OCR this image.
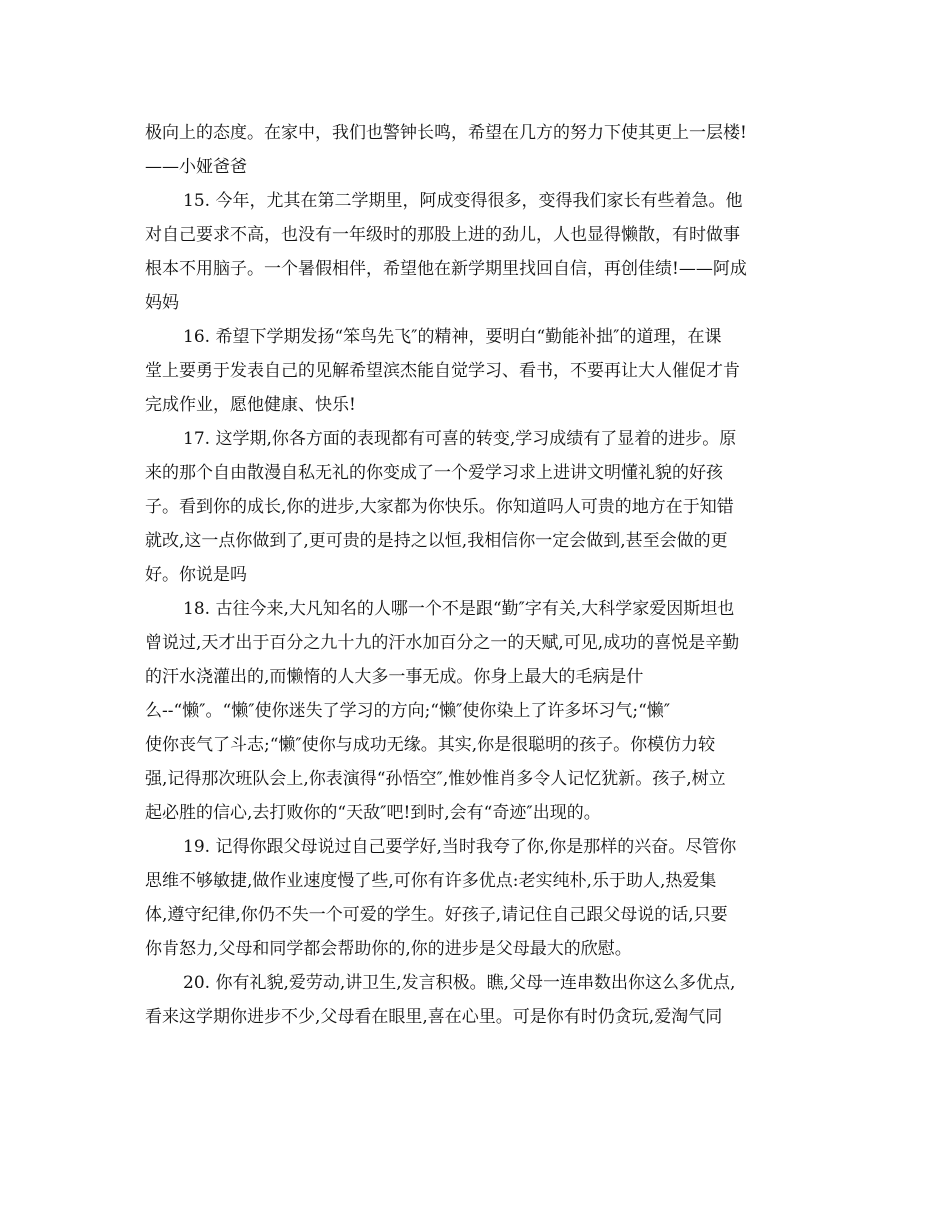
极向上的态度。在家中，我们也警钟长鸣，希望在几方的努力下使其更上一层楼!
——小娅爸爸
15. 今年，尤其在第二学期里，阿成变得很多，变得我们家长有些着急。他
对自己要求不高，也没有一年级时的那股上进的劲儿，人也显得懒散，有时做事
根本不用脑子。一个暑假相伴，希望他在新学期里找回自信，再创佳绩!——阿成
妈妈
16. 希望下学期发扬“笨鸟先飞″的精神，要明白“勤能补拙″的道理，在课
堂上要勇于发表自己的见解希望滨杰能自觉学习、看书，不要再让大人催促才肯
完成作业，愿他健康、快乐!
17. 这学期,你各方面的表现都有可喜的转变,学习成绩有了显着的进步。原
来的那个自由散漫自私无礼的你变成了一个爱学习求上进讲文明懂礼貌的好孩
子。看到你的成长,你的进步,大家都为你快乐。你知道吗人可贵的地方在于知错
就改,这一点你做到了,更可贵的是持之以恒,我相信你一定会做到,甚至会做的更
好。你说是吗
18. 古往今来,大凡知名的人哪一个不是跟“勤″字有关,大科学家爱因斯坦也
曾说过,天才出于百分之九十九的汗水加百分之一的天赋,可见,成功的喜悦是辛勤
的汗水浇灌出的,而懒惰的人大多一事无成。你身上最大的毛病是什
么--“懒″。“懒″使你迷失了学习的方向;“懒″使你染上了许多坏习气;“懒″
使你丧气了斗志;“懒″使你与成功无缘。其实,你是很聪明的孩子。你模仿力较
强,记得那次班队会上,你表演得“孙悟空″,惟妙惟肖多令人记忆犹新。孩子,树立
起必胜的信心,去打败你的“天敌″吧!到时,会有“奇迹″出现的。
19. 记得你跟父母说过自己要学好,当时我夸了你,你是那样的兴奋。尽管你
思维不够敏捷,做作业速度慢了些,可你有许多优点:老实纯朴,乐于助人,热爱集
体,遵守纪律,你仍不失一个可爱的学生。好孩子,请记住自己跟父母说的话,只要
你肯怒力,父母和同学都会帮助你的,你的进步是父母最大的欣慰。
20. 你有礼貌,爱劳动,讲卫生,发言积极。瞧,父母一连串数出你这么多优点,
看来这学期你进步不少,父母看在眼里,喜在心里。可是你有时仍贪玩,爱淘气同
